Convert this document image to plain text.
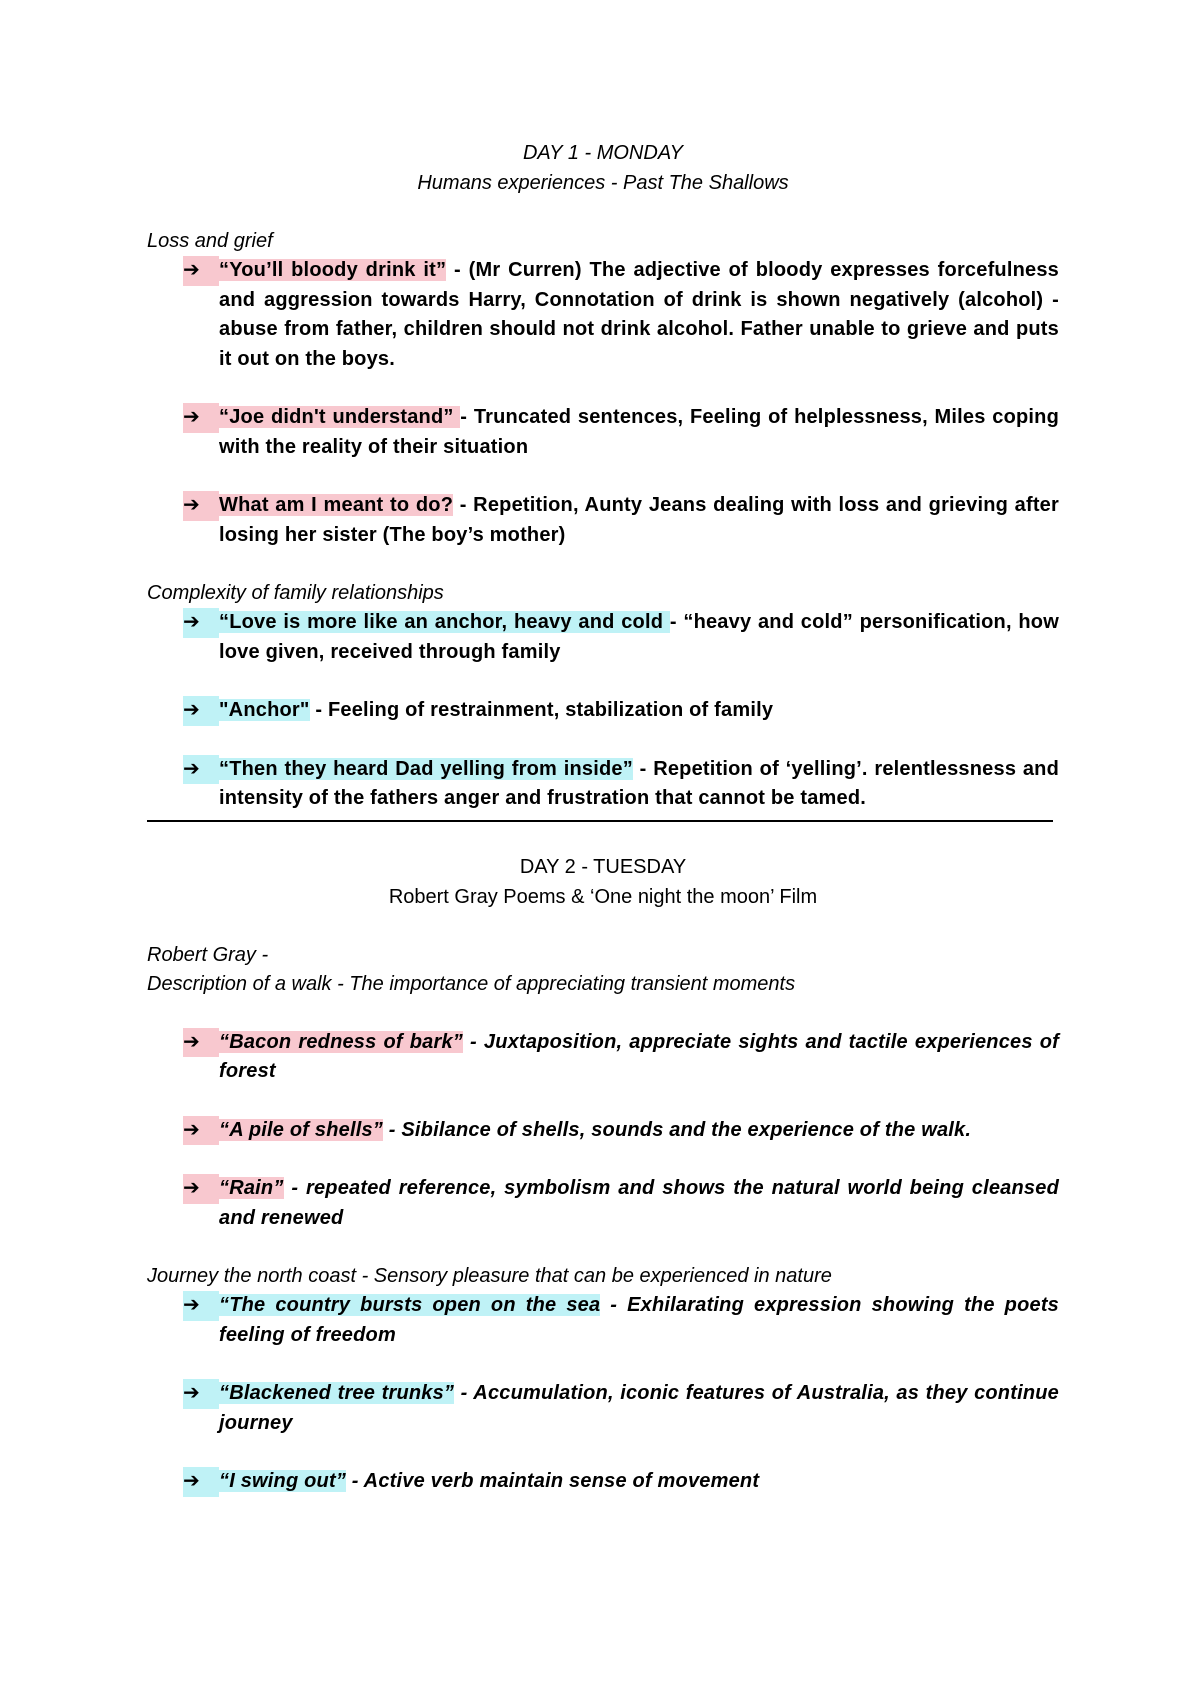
DAY 1 - MONDAY
Humans experiences - Past The Shallows
Loss and grief
➔ “You’ll bloody drink it” - (Mr Curren) The adjective of bloody expresses forcefulness and aggression towards Harry, Connotation of drink is shown negatively (alcohol) - abuse from father, children should not drink alcohol. Father unable to grieve and puts it out on the boys.
➔ “Joe didn't understand” - Truncated sentences, Feeling of helplessness, Miles coping with the reality of their situation
➔ What am I meant to do? - Repetition, Aunty Jeans dealing with loss and grieving after losing her sister (The boy’s mother)
Complexity of family relationships
➔ “Love is more like an anchor, heavy and cold - “heavy and cold” personification, how love given, received through family
➔ "Anchor" - Feeling of restrainment, stabilization of family
➔ “Then they heard Dad yelling from inside” - Repetition of ‘yelling’. relentlessness and intensity of the fathers anger and frustration that cannot be tamed.
DAY 2 - TUESDAY
Robert Gray Poems & ‘One night the moon’ Film
Robert Gray -
Description of a walk - The importance of appreciating transient moments
➔ “Bacon redness of bark” - Juxtaposition, appreciate sights and tactile experiences of forest
➔ “A pile of shells” - Sibilance of shells, sounds and the experience of the walk.
➔ “Rain” - repeated reference, symbolism and shows the natural world being cleansed and renewed
Journey the north coast - Sensory pleasure that can be experienced in nature
➔ “The country bursts open on the sea - Exhilarating expression showing the poets feeling of freedom
➔ “Blackened tree trunks” - Accumulation, iconic features of Australia, as they continue journey
➔ “I swing out” - Active verb maintain sense of movement
